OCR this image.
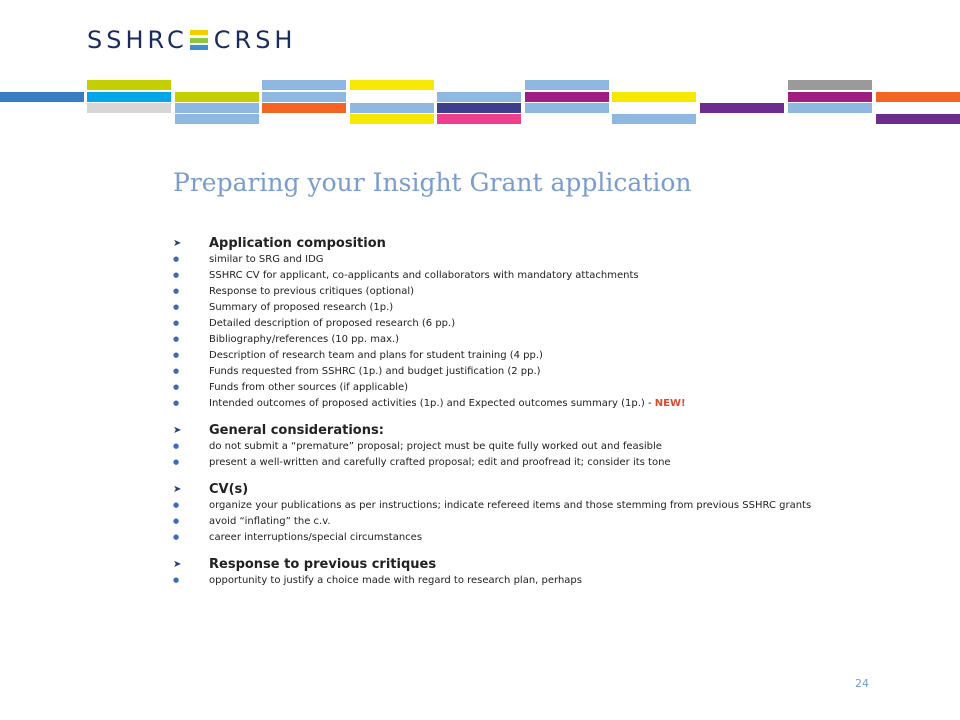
SSHRC CRSH
Preparing your Insight Grant application
➤	Application composition
●	similar to SRG and IDG
●	SSHRC CV for applicant, co-applicants and collaborators with mandatory attachments
●	Response to previous critiques (optional)
●	Summary of proposed research (1p.)
●	Detailed description of proposed research (6 pp.)
●	Bibliography/references (10 pp. max.)
●	Description of research team and plans for student training (4 pp.)
●	Funds requested from SSHRC (1p.) and budget justification (2 pp.)
●	Funds from other sources (if applicable)
●	Intended outcomes of proposed activities (1p.) and Expected outcomes summary (1p.) - NEW!
➤	General considerations:
●	do not submit a “premature” proposal; project must be quite fully worked out and feasible
●	present a well-written and carefully crafted proposal; edit and proofread it; consider its tone
➤	CV(s)
●	organize your publications as per instructions; indicate refereed items and those stemming from previous SSHRC grants
●	avoid “inflating” the c.v.
●	career interruptions/special circumstances
➤	Response to previous critiques
●	opportunity to justify a choice made with regard to research plan, perhaps
24
